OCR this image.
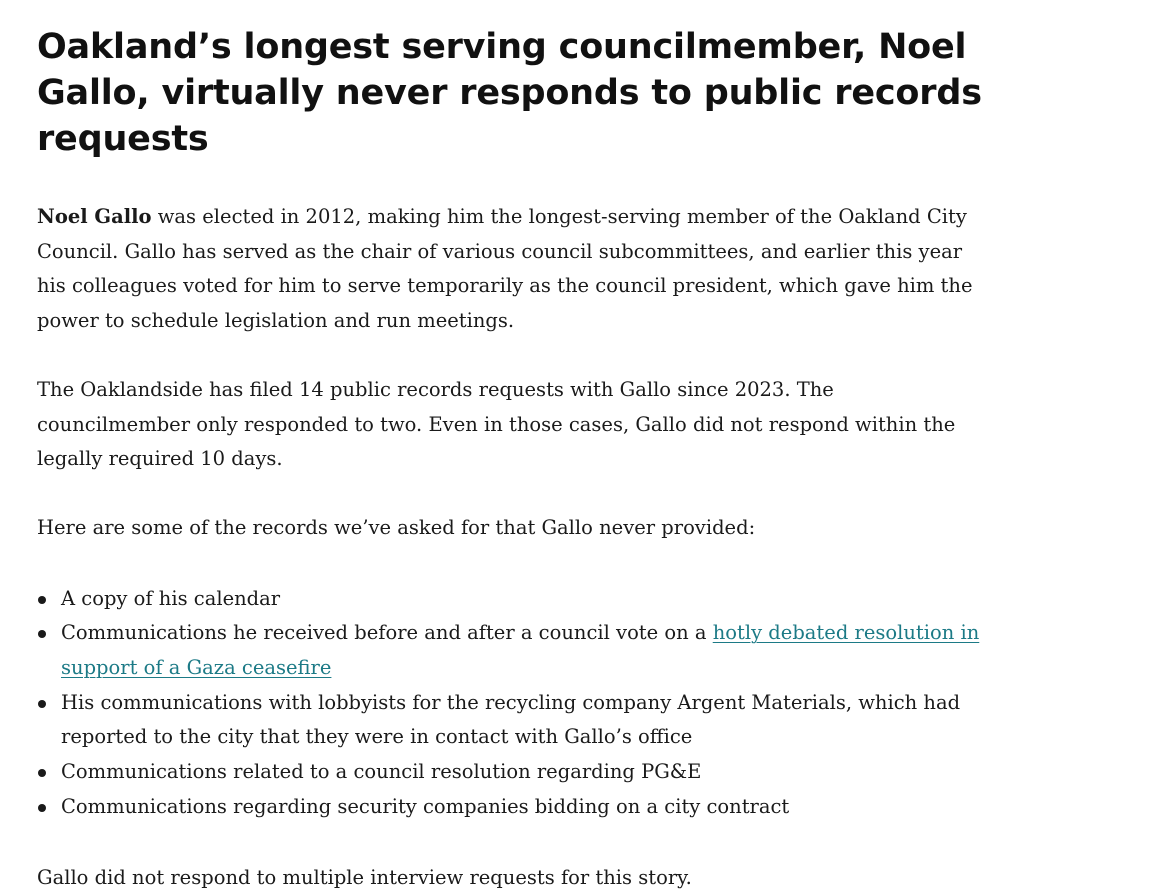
Oakland’s longest serving councilmember, Noel Gallo, virtually never responds to public records requests

Noel Gallo was elected in 2012, making him the longest-serving member of the Oakland City Council. Gallo has served as the chair of various council subcommittees, and earlier this year his colleagues voted for him to serve temporarily as the council president, which gave him the power to schedule legislation and run meetings.

The Oaklandside has filed 14 public records requests with Gallo since 2023. The councilmember only responded to two. Even in those cases, Gallo did not respond within the legally required 10 days.

Here are some of the records we’ve asked for that Gallo never provided:

A copy of his calendar
Communications he received before and after a council vote on a hotly debated resolution in support of a Gaza ceasefire
His communications with lobbyists for the recycling company Argent Materials, which had reported to the city that they were in contact with Gallo’s office
Communications related to a council resolution regarding PG&E
Communications regarding security companies bidding on a city contract

Gallo did not respond to multiple interview requests for this story.
